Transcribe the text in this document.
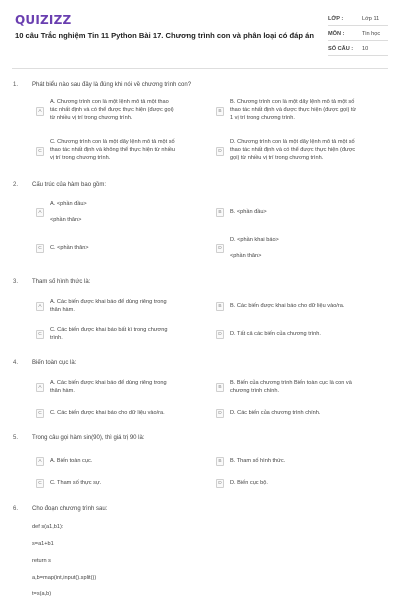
QUIZIZZ
10 câu Trắc nghiệm Tin 11 Python Bài 17. Chương trình con và phân loại có đáp án
LỚP :	Lớp 11
MÔN :	Tin học
SỐ CÂU : 10
1. Phát biểu nào sau đây là đúng khi nói về chương trình con?
A
A. Chương trình con là một lệnh mô tả một thao
tác nhất định và có thể được thực hiện (được gọi)
từ nhiều vị trí trong chương trình.
B
B. Chương trình con là một dãy lệnh mô tả một số
thao tác nhất định và được thực hiện (được gọi) từ
1 vị trí trong chương trình.
C
C. Chương trình con là một dãy lệnh mô tả một số
thao tác nhất định và không thể thực hiện từ nhiều
vị trí trong chương trình.
D
D. Chương trình con là một dãy lệnh mô tả một số
thao tác nhất định và có thể được thực hiện (được
gọi) từ nhiều vị trí trong chương trình.
2. Cấu trúc của hàm bao gồm:
A
A. <phần đầu>

<phần thân>
B	B. <phần đầu>
C	C. <phần thân>	D
D. <phần khai báo>

<phần thân>
3. Tham số hình thức là:
A
A. Các biến được khai báo để dùng riêng trong
thân hàm.
B	B. Các biến được khai báo cho dữ liệu vào/ra.
C
C. Các biến được khai báo bất kì trong chương
trình.
D	D. Tất cả các biến của chương trình.
4. Biến toàn cục là:
A
A. Các biến được khai báo để dùng riêng trong
thân hàm.
B
B. Biến của chương trình Biến toàn cục là con và
chương trình chính.
C	C. Các biến được khai báo cho dữ liệu vào/ra.	D	D. Các biến của chương trình chính.
5. Trong câu gọi hàm sin(90), thì giá trị 90 là:
A	A. Biến toàn cục.	B	B. Tham số hình thức.
C	C. Tham số thực sự.	D	D. Biến cục bộ.
6. Cho đoạn chương trình sau:
def s(a1,b1):
s=a1+b1
return s
a,b=map(int,input().split())
t=s(a,b)
